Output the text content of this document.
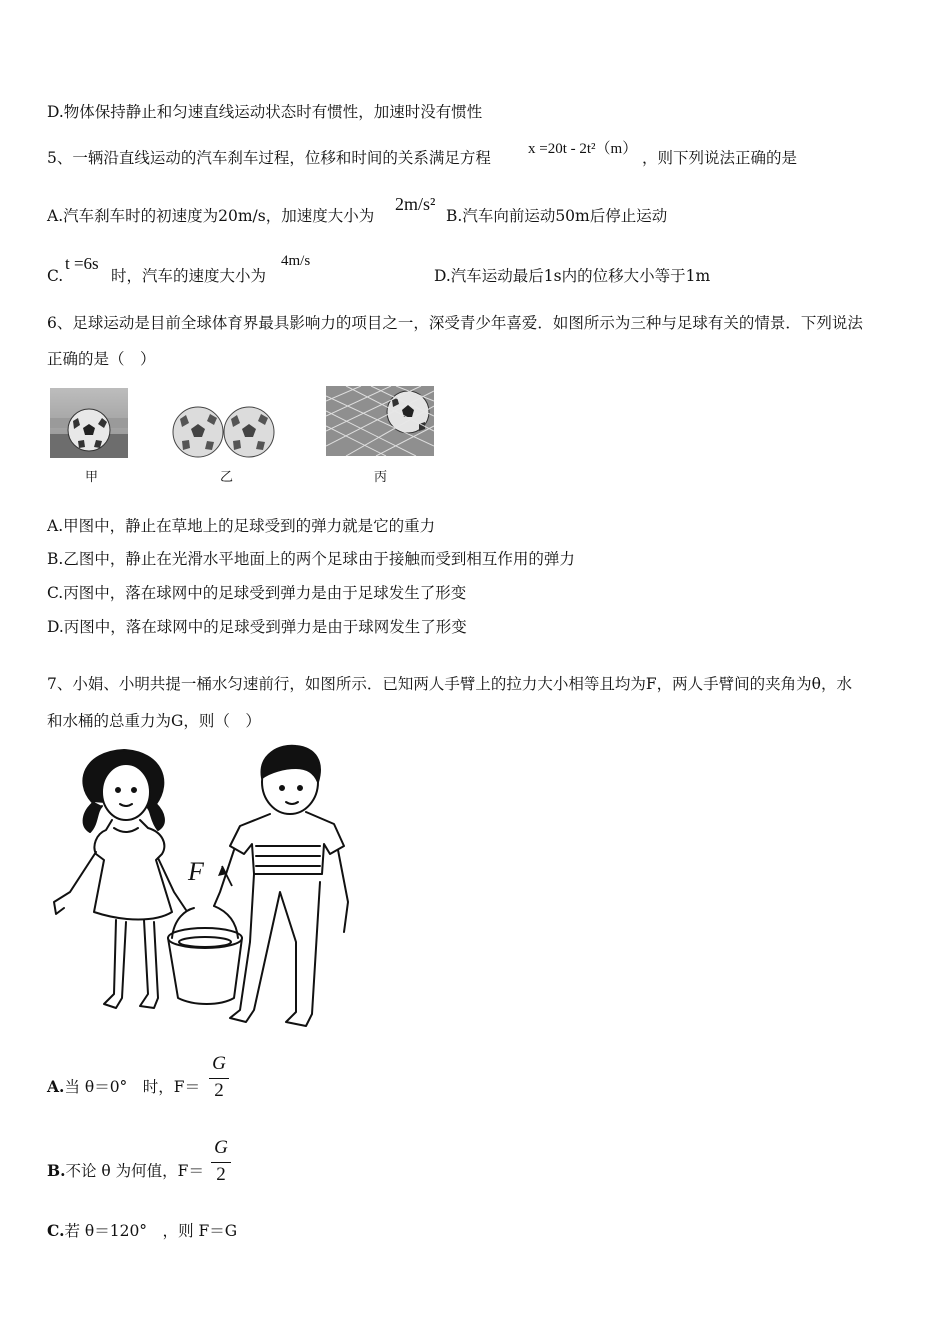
D.物体保持静止和匀速直线运动状态时有惯性，加速时没有惯性
5、一辆沿直线运动的汽车刹车过程，位移和时间的关系满足方程 x =20t - 2t²（m） ，则下列说法正确的是
A.汽车刹车时的初速度为20m/s，加速度大小为
2m/s²
B.汽车向前运动50m后停止运动
C.
t =6s
时，汽车的速度大小为
4m/s
D.汽车运动最后1s内的位移大小等于1m
6、足球运动是目前全球体育界最具影响力的项目之一，深受青少年喜爱．如图所示为三种与足球有关的情景．下列说法
正确的是（　）
甲	乙	丙
A.甲图中，静止在草地上的足球受到的弹力就是它的重力
B.乙图中，静止在光滑水平地面上的两个足球由于接触而受到相互作用的弹力
C.丙图中，落在球网中的足球受到弹力是由于足球发生了形变
D.丙图中，落在球网中的足球受到弹力是由于球网发生了形变
7、小娟、小明共提一桶水匀速前行，如图所示．已知两人手臂上的拉力大小相等且均为F，两人手臂间的夹角为θ，水
和水桶的总重力为G，则（　）
F
A.当 θ＝0°　时，F＝
G
2
B.不论 θ 为何值，F＝
G
2
C.若 θ＝120°　，则 F＝G
